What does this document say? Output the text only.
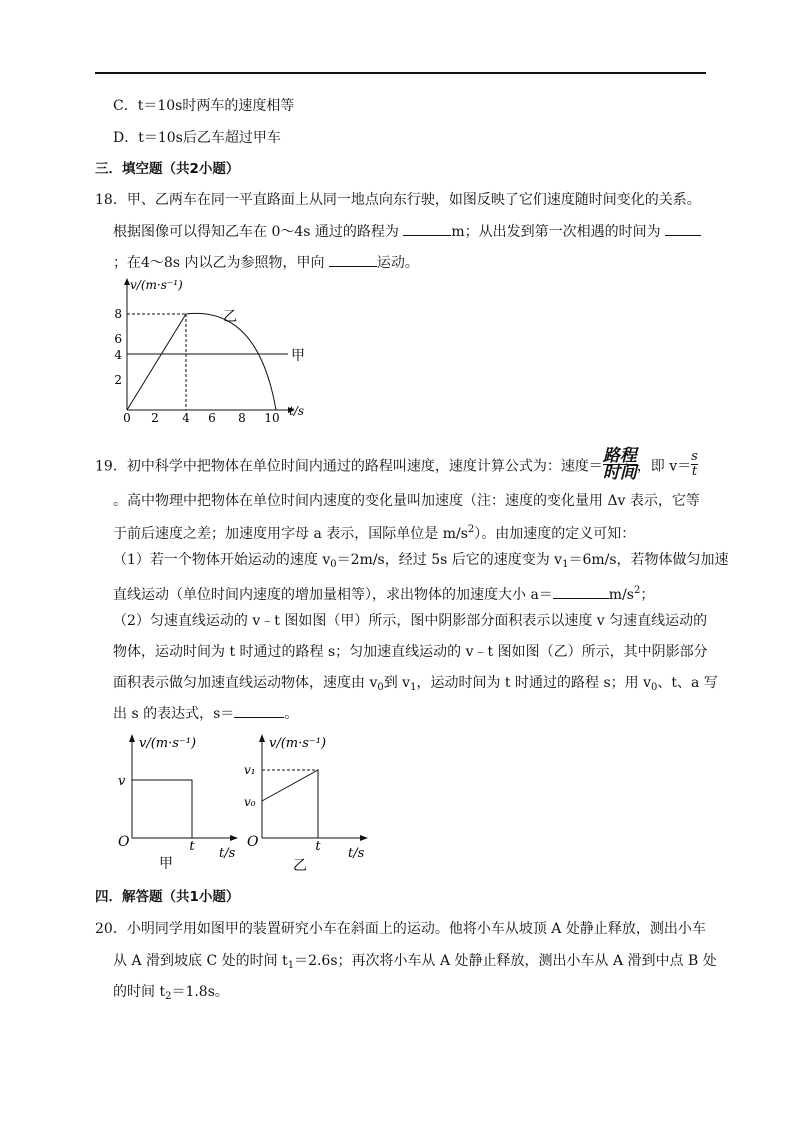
C．t＝10s时两车的速度相等
D．t＝10s后乙车超过甲车
三．填空题（共2小题）
18．甲、乙两车在同一平直路面上从同一地点向东行驶，如图反映了它们速度随时间变化的关系。
根据图像可以得知乙车在 0～4s 通过的路程为	m；从出发到第一次相遇的时间为
；在4～8s 内以乙为参照物，甲向	运动。
v/(m·s⁻¹)
t/s
8
6
4
2
0 2 4 6 8 10
乙
甲
19．初中科学中把物体在单位时间内通过的路程叫速度，速度计算公式为：速度＝ $\frac{\text{路程}}{\text{时间}}$ ，即 $v= \frac{s}{t}$
。高中物理中把物体在单位时间内速度的变化量叫加速度（注：速度的变化量用 Δv 表示，它等
于前后速度之差；加速度用字母 a 表示，国际单位是 $m/s^2$）。由加速度的定义可知：
（1）若一个物体开始运动的速度 $v_0=2m/s$，经过 5s 后它的速度变为 $v_1=6m/s$，若物体做匀加速
直线运动（单位时间内速度的增加量相等），求出物体的加速度大小 a＝	$m/s^2$；
（2）匀速直线运动的 v﹣t 图如图（甲）所示，图中阴影部分面积表示以速度 v 匀速直线运动的
物体，运动时间为 t 时通过的路程 s；匀加速直线运动的 v﹣t 图如图（乙）所示，其中阴影部分
面积表示做匀加速直线运动物体，速度由 $v_0$到 $v_1$，运动时间为 t 时通过的路程 s；用 $v_0$、t、a 写
出 s 的表达式，s＝	。
v/(m·s⁻¹)
v
O	t t/s
甲
v/(m·s⁻¹)
v₁
v₀
O	t t/s
乙
四．解答题（共1小题）
20．小明同学用如图甲的装置研究小车在斜面上的运动。他将小车从坡顶 A 处静止释放，测出小车
从 A 滑到坡底 C 处的时间 $t_1=2.6s$；再次将小车从 A 处静止释放，测出小车从 A 滑到中点 B 处
的时间 $t_2=1.8s$。
